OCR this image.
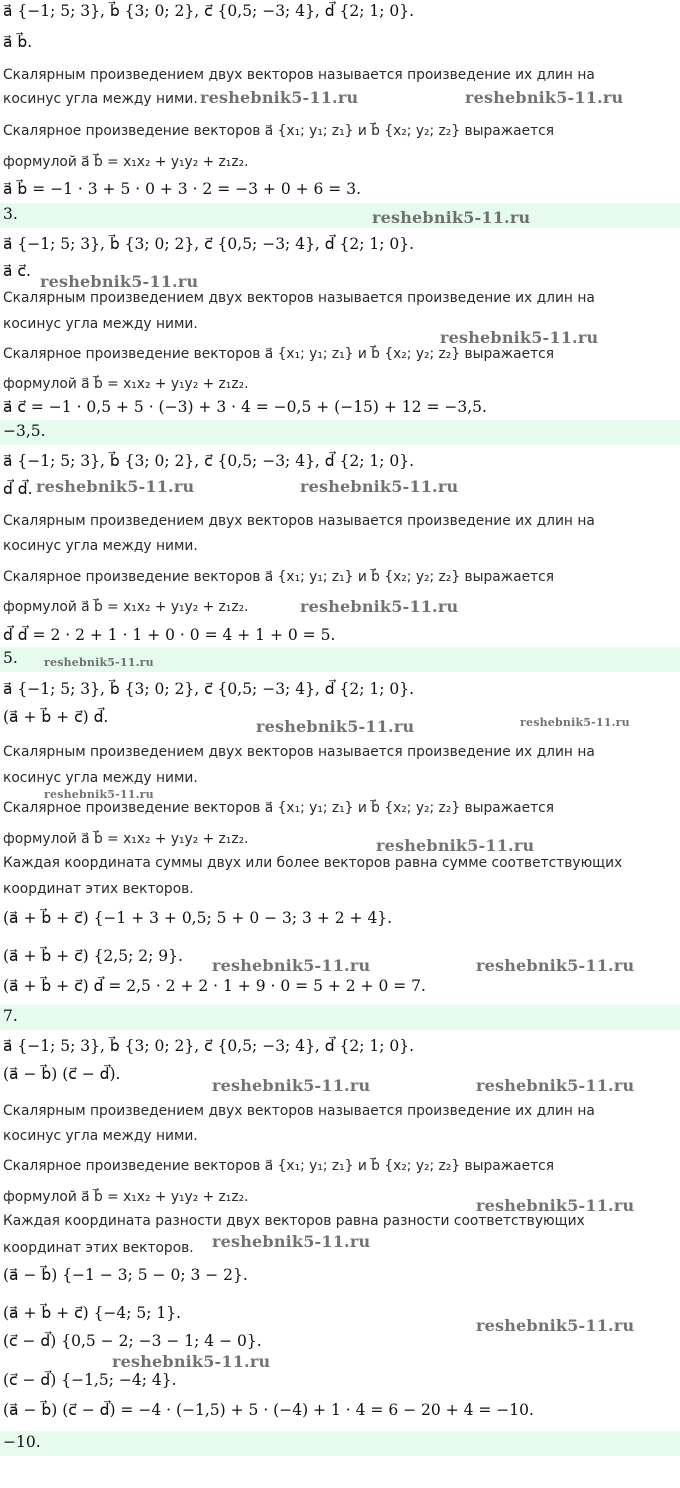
a⃗ {−1; 5; 3}, b⃗ {3; 0; 2}, c⃗ {0,5; −3; 4}, d⃗ {2; 1; 0}.
a⃗ b⃗.
Скалярным произведением двух векторов называется произведение их длин на
косинус угла между ними.
Скалярное произведение векторов a⃗ {x₁; y₁; z₁} и b⃗ {x₂; y₂; z₂} выражается
формулой a⃗ b⃗ = x₁x₂ + y₁y₂ + z₁z₂.
a⃗ b⃗ = −1 · 3 + 5 · 0 + 3 · 2 = −3 + 0 + 6 = 3.
3.
a⃗ {−1; 5; 3}, b⃗ {3; 0; 2}, c⃗ {0,5; −3; 4}, d⃗ {2; 1; 0}.
a⃗ c⃗.
Скалярным произведением двух векторов называется произведение их длин на
косинус угла между ними.
Скалярное произведение векторов a⃗ {x₁; y₁; z₁} и b⃗ {x₂; y₂; z₂} выражается
формулой a⃗ b⃗ = x₁x₂ + y₁y₂ + z₁z₂.
a⃗ c⃗ = −1 · 0,5 + 5 · (−3) + 3 · 4 = −0,5 + (−15) + 12 = −3,5.
−3,5.
a⃗ {−1; 5; 3}, b⃗ {3; 0; 2}, c⃗ {0,5; −3; 4}, d⃗ {2; 1; 0}.
d⃗ d⃗.
Скалярным произведением двух векторов называется произведение их длин на
косинус угла между ними.
Скалярное произведение векторов a⃗ {x₁; y₁; z₁} и b⃗ {x₂; y₂; z₂} выражается
формулой a⃗ b⃗ = x₁x₂ + y₁y₂ + z₁z₂.
d⃗ d⃗ = 2 · 2 + 1 · 1 + 0 · 0 = 4 + 1 + 0 = 5.
5.
a⃗ {−1; 5; 3}, b⃗ {3; 0; 2}, c⃗ {0,5; −3; 4}, d⃗ {2; 1; 0}.
(a⃗ + b⃗ + c⃗) d⃗.
Скалярным произведением двух векторов называется произведение их длин на
косинус угла между ними.
Скалярное произведение векторов a⃗ {x₁; y₁; z₁} и b⃗ {x₂; y₂; z₂} выражается
формулой a⃗ b⃗ = x₁x₂ + y₁y₂ + z₁z₂.
Каждая координата суммы двух или более векторов равна сумме соответствующих
координат этих векторов.
(a⃗ + b⃗ + c⃗) {−1 + 3 + 0,5; 5 + 0 − 3; 3 + 2 + 4}.
(a⃗ + b⃗ + c⃗) {2,5; 2; 9}.
(a⃗ + b⃗ + c⃗) d⃗ = 2,5 · 2 + 2 · 1 + 9 · 0 = 5 + 2 + 0 = 7.
7.
a⃗ {−1; 5; 3}, b⃗ {3; 0; 2}, c⃗ {0,5; −3; 4}, d⃗ {2; 1; 0}.
(a⃗ − b⃗) (c⃗ − d⃗).
Скалярным произведением двух векторов называется произведение их длин на
косинус угла между ними.
Скалярное произведение векторов a⃗ {x₁; y₁; z₁} и b⃗ {x₂; y₂; z₂} выражается
формулой a⃗ b⃗ = x₁x₂ + y₁y₂ + z₁z₂.
Каждая координата разности двух векторов равна разности соответствующих
координат этих векторов.
(a⃗ − b⃗) {−1 − 3; 5 − 0; 3 − 2}.
(a⃗ + b⃗ + c⃗) {−4; 5; 1}.
(c⃗ − d⃗) {0,5 − 2; −3 − 1; 4 − 0}.
(c⃗ − d⃗) {−1,5; −4; 4}.
(a⃗ − b⃗) (c⃗ − d⃗) = −4 · (−1,5) + 5 · (−4) + 1 · 4 = 6 − 20 + 4 = −10.
−10.
reshebnik5-11.ru	reshebnik5-11.ru
reshebnik5-11.ru
reshebnik5-11.ru
reshebnik5-11.ru
reshebnik5-11.ru	reshebnik5-11.ru
reshebnik5-11.ru
reshebnik5-11.ru
reshebnik5-11.ru	reshebnik5-11.ru
reshebnik5-11.ru
reshebnik5-11.ru
reshebnik5-11.ru	reshebnik5-11.ru
reshebnik5-11.ru	reshebnik5-11.ru
reshebnik5-11.ru
reshebnik5-11.ru
reshebnik5-11.ru
reshebnik5-11.ru
